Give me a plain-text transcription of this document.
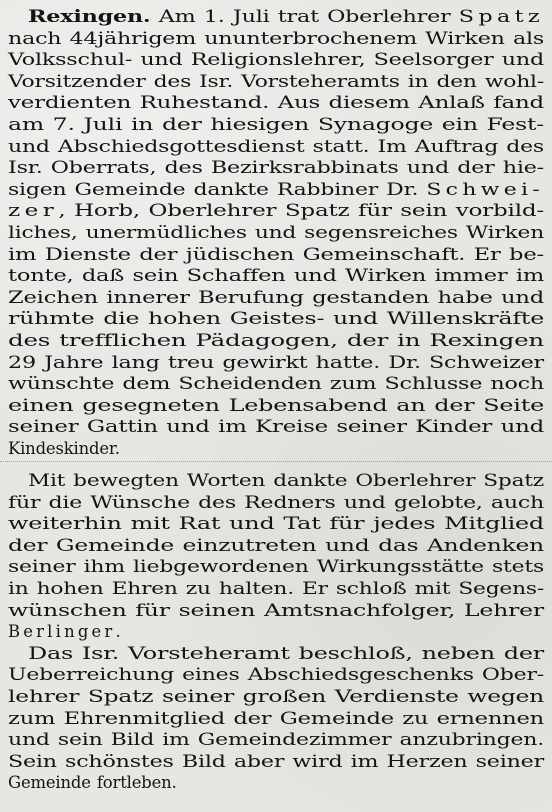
Rexingen. Am 1. Juli trat Oberlehrer Spatz
nach 44jährigem ununterbrochenem Wirken als
Volksschul- und Religionslehrer, Seelsorger und
Vorsitzender des Isr. Vorsteheramts in den wohl-
verdienten Ruhestand. Aus diesem Anlaß fand
am 7. Juli in der hiesigen Synagoge ein Fest-
und Abschiedsgottesdienst statt. Im Auftrag des
Isr. Oberrats, des Bezirksrabbinats und der hie-
sigen Gemeinde dankte Rabbiner Dr. Schwei-
zer, Horb, Oberlehrer Spatz für sein vorbild-
liches, unermüdliches und segensreiches Wirken
im Dienste der jüdischen Gemeinschaft. Er be-
tonte, daß sein Schaffen und Wirken immer im
Zeichen innerer Berufung gestanden habe und
rühmte die hohen Geistes- und Willenskräfte
des trefflichen Pädagogen, der in Rexingen
29 Jahre lang treu gewirkt hatte. Dr. Schweizer
wünschte dem Scheidenden zum Schlusse noch
einen gesegneten Lebensabend an der Seite
seiner Gattin und im Kreise seiner Kinder und
Kindeskinder.
Mit bewegten Worten dankte Oberlehrer Spatz
für die Wünsche des Redners und gelobte, auch
weiterhin mit Rat und Tat für jedes Mitglied
der Gemeinde einzutreten und das Andenken
seiner ihm liebgewordenen Wirkungsstätte stets
in hohen Ehren zu halten. Er schloß mit Segens-
wünschen für seinen Amtsnachfolger, Lehrer
Berlinger.
Das Isr. Vorsteheramt beschloß, neben der
Ueberreichung eines Abschiedsgeschenks Ober-
lehrer Spatz seiner großen Verdienste wegen
zum Ehrenmitglied der Gemeinde zu ernennen
und sein Bild im Gemeindezimmer anzubringen.
Sein schönstes Bild aber wird im Herzen seiner
Gemeinde fortleben.
